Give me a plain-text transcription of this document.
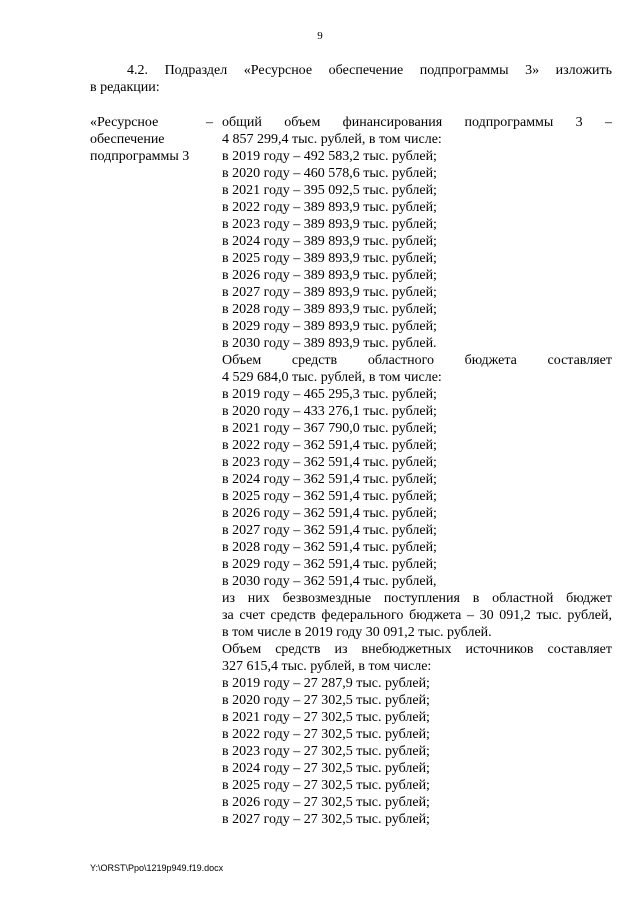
9
4.2. Подраздел «Ресурсное обеспечение подпрограммы 3» изложить
в редакции:
«Ресурсное
обеспечение
подпрограммы 3
– общий объем финансирования подпрограммы 3 –
4 857 299,4 тыс. рублей, в том числе:
в 2019 году – 492 583,2 тыс. рублей;
в 2020 году – 460 578,6 тыс. рублей;
в 2021 году – 395 092,5 тыс. рублей;
в 2022 году – 389 893,9 тыс. рублей;
в 2023 году – 389 893,9 тыс. рублей;
в 2024 году – 389 893,9 тыс. рублей;
в 2025 году – 389 893,9 тыс. рублей;
в 2026 году – 389 893,9 тыс. рублей;
в 2027 году – 389 893,9 тыс. рублей;
в 2028 году – 389 893,9 тыс. рублей;
в 2029 году – 389 893,9 тыс. рублей;
в 2030 году – 389 893,9 тыс. рублей.
Объем средств областного бюджета составляет
4 529 684,0 тыс. рублей, в том числе:
в 2019 году – 465 295,3 тыс. рублей;
в 2020 году – 433 276,1 тыс. рублей;
в 2021 году – 367 790,0 тыс. рублей;
в 2022 году – 362 591,4 тыс. рублей;
в 2023 году – 362 591,4 тыс. рублей;
в 2024 году – 362 591,4 тыс. рублей;
в 2025 году – 362 591,4 тыс. рублей;
в 2026 году – 362 591,4 тыс. рублей;
в 2027 году – 362 591,4 тыс. рублей;
в 2028 году – 362 591,4 тыс. рублей;
в 2029 году – 362 591,4 тыс. рублей;
в 2030 году – 362 591,4 тыс. рублей,
из них безвозмездные поступления в областной бюджет
за счет средств федерального бюджета – 30 091,2 тыс. рублей,
в том числе в 2019 году 30 091,2 тыс. рублей.
Объем средств из внебюджетных источников составляет
327 615,4 тыс. рублей, в том числе:
в 2019 году – 27 287,9 тыс. рублей;
в 2020 году – 27 302,5 тыс. рублей;
в 2021 году – 27 302,5 тыс. рублей;
в 2022 году – 27 302,5 тыс. рублей;
в 2023 году – 27 302,5 тыс. рублей;
в 2024 году – 27 302,5 тыс. рублей;
в 2025 году – 27 302,5 тыс. рублей;
в 2026 году – 27 302,5 тыс. рублей;
в 2027 году – 27 302,5 тыс. рублей;
Y:\ORST\Ppo\1219p949.f19.docx
